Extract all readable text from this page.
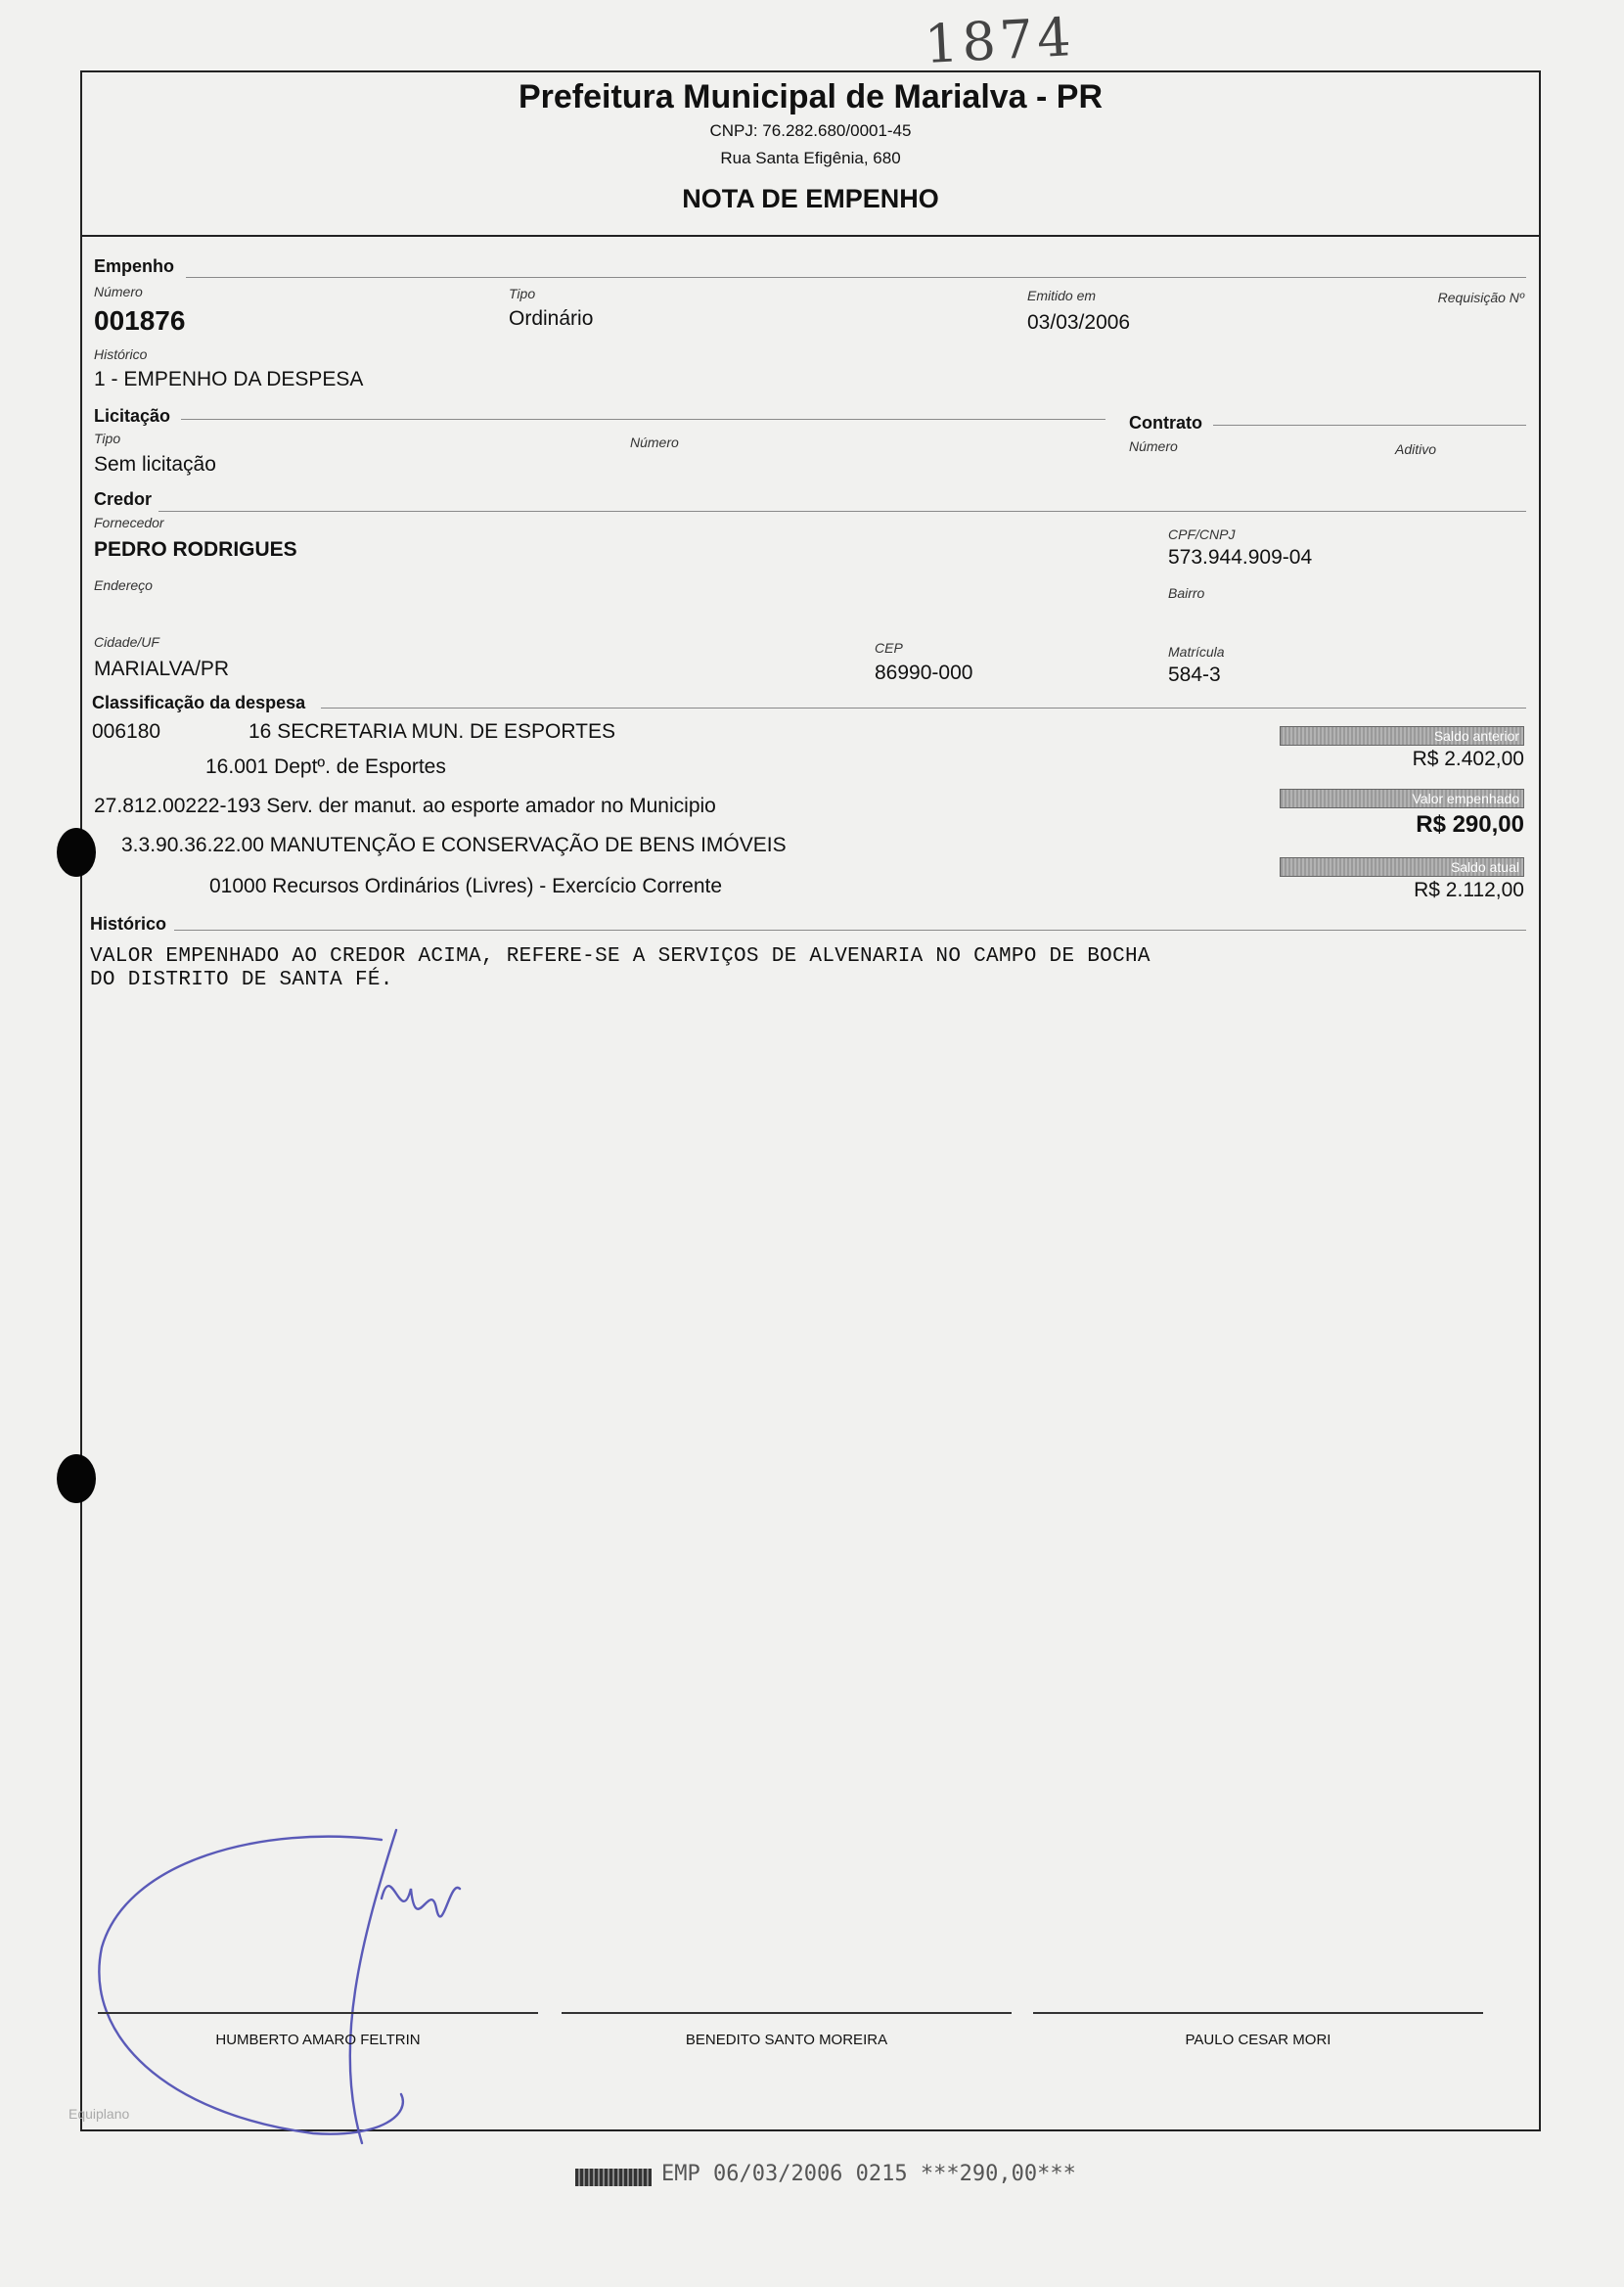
1874
Prefeitura Municipal de Marialva - PR
CNPJ: 76.282.680/0001-45
Rua Santa Efigênia, 680
NOTA DE EMPENHO
Empenho
Número
001876
Tipo
Ordinário
Emitido em
03/03/2006
Requisição Nº
Histórico
1 - EMPENHO DA DESPESA
Licitação	Contrato
Tipo
Sem licitação
Número	Número	Aditivo
Credor
Fornecedor
PEDRO RODRIGUES
CPF/CNPJ
573.944.909-04
Endereço	Bairro
Cidade/UF
MARIALVA/PR
CEP
86990-000
Matrícula
584-3
Classificação da despesa
006180	16 SECRETARIA MUN. DE ESPORTES
16.001 Deptº. de Esportes
27.812.00222-193 Serv. der manut. ao esporte amador no Municipio
3.3.90.36.22.00 MANUTENÇÃO E CONSERVAÇÃO DE BENS IMÓVEIS
01000 Recursos Ordinários (Livres) - Exercício Corrente
Saldo anterior
R$ 2.402,00
Valor empenhado
R$ 290,00
Saldo atual
R$ 2.112,00
Histórico
VALOR EMPENHADO AO CREDOR ACIMA, REFERE-SE A SERVIÇOS DE ALVENARIA NO CAMPO DE BOCHA
DO DISTRITO DE SANTA FÉ.
HUMBERTO AMARO FELTRIN	BENEDITO SANTO MOREIRA	PAULO CESAR MORI
Equiplano
EMP 06/03/2006 0215 ***290,00***
